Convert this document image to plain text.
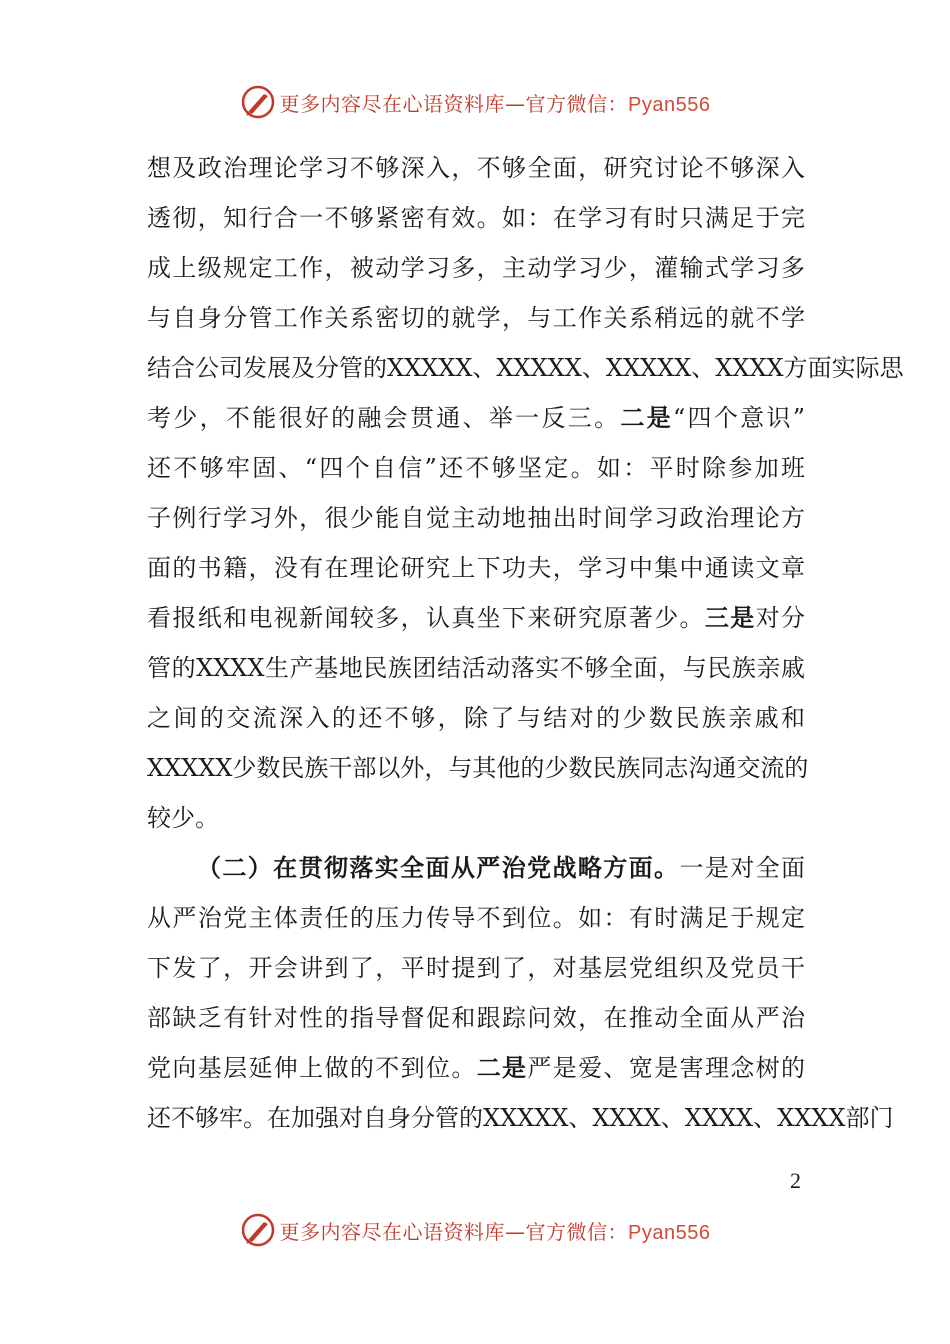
更多内容尽在心语资料库—官方微信：Pyan556
想及政治理论学习不够深入，不够全面，研究讨论不够深入
透彻，知行合一不够紧密有效。如：在学习有时只满足于完
成上级规定工作，被动学习多，主动学习少，灌输式学习多
与自身分管工作关系密切的就学，与工作关系稍远的就不学
结合公司发展及分管的XXXXX、XXXXX、XXXXX、XXXX方面实际思
考少，不能很好的融会贯通、举一反三。二是“四个意识”
还不够牢固、“四个自信”还不够坚定。如：平时除参加班
子例行学习外，很少能自觉主动地抽出时间学习政治理论方
面的书籍，没有在理论研究上下功夫，学习中集中通读文章
看报纸和电视新闻较多，认真坐下来研究原著少。三是对分
管的XXXX生产基地民族团结活动落实不够全面，与民族亲戚
之间的交流深入的还不够，除了与结对的少数民族亲戚和
XXXXX少数民族干部以外，与其他的少数民族同志沟通交流的
较少。
（二）在贯彻落实全面从严治党战略方面。一是对全面
从严治党主体责任的压力传导不到位。如：有时满足于规定
下发了，开会讲到了，平时提到了，对基层党组织及党员干
部缺乏有针对性的指导督促和跟踪问效，在推动全面从严治
党向基层延伸上做的不到位。二是严是爱、宽是害理念树的
还不够牢。在加强对自身分管的XXXXX、XXXX、XXXX、XXXX部门
2
更多内容尽在心语资料库—官方微信：Pyan556
